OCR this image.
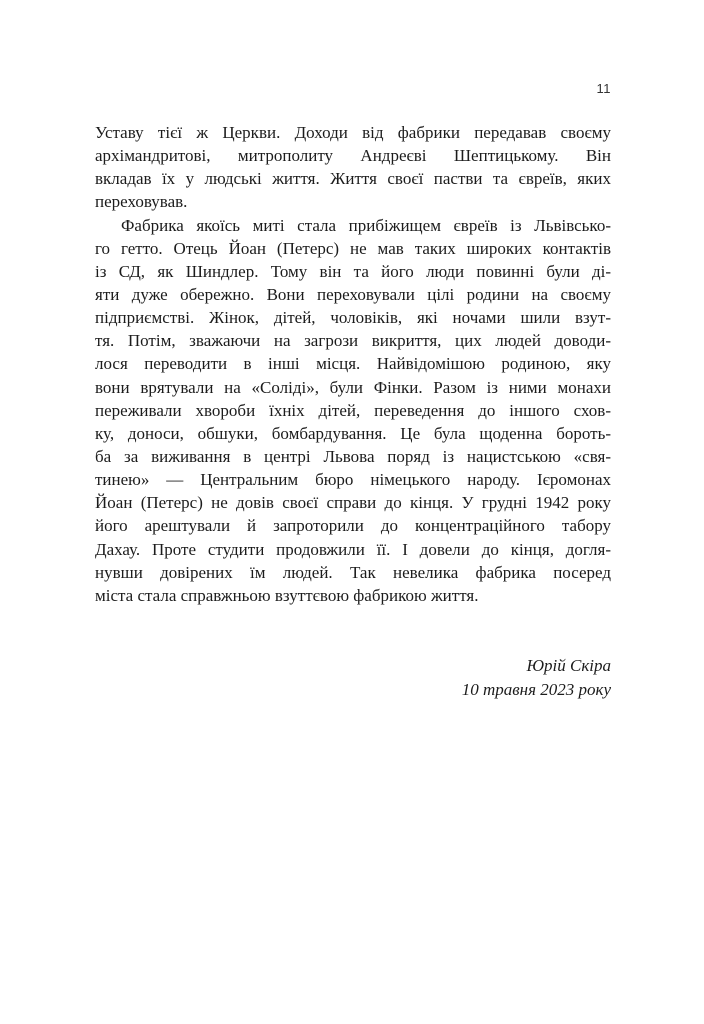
11
Уставу тієї ж Церкви. Доходи від фабрики передавав своєму
архімандритові, митрополиту Андреєві Шептицькому. Він
вкладав їх у людські життя. Життя своєї пастви та євреїв, яких
переховував.
Фабрика якоїсь миті стала прибіжищем євреїв із Львівсько-
го гетто. Отець Йоан (Петерс) не мав таких широких контактів
із СД, як Шиндлер. Тому він та його люди повинні були ді-
яти дуже обережно. Вони переховували цілі родини на своєму
підприємстві. Жінок, дітей, чоловіків, які ночами шили взут-
тя. Потім, зважаючи на загрози викриття, цих людей доводи-
лося переводити в інші місця. Найвідомішою родиною, яку
вони врятували на «Соліді», були Фінки. Разом із ними монахи
переживали хвороби їхніх дітей, переведення до іншого схов-
ку, доноси, обшуки, бомбардування. Це була щоденна бороть-
ба за виживання в центрі Львова поряд із нацистською «свя-
тинею» — Центральним бюро німецького народу. Ієромонах
Йоан (Петерс) не довів своєї справи до кінця. У грудні 1942 року
його арештували й запроторили до концентраційного табору
Дахау. Проте студити продовжили її. І довели до кінця, догля-
нувши довірених їм людей. Так невелика фабрика посеред
міста стала справжньою взуттєвою фабрикою життя.
Юрій Скіра
10 травня 2023 року
